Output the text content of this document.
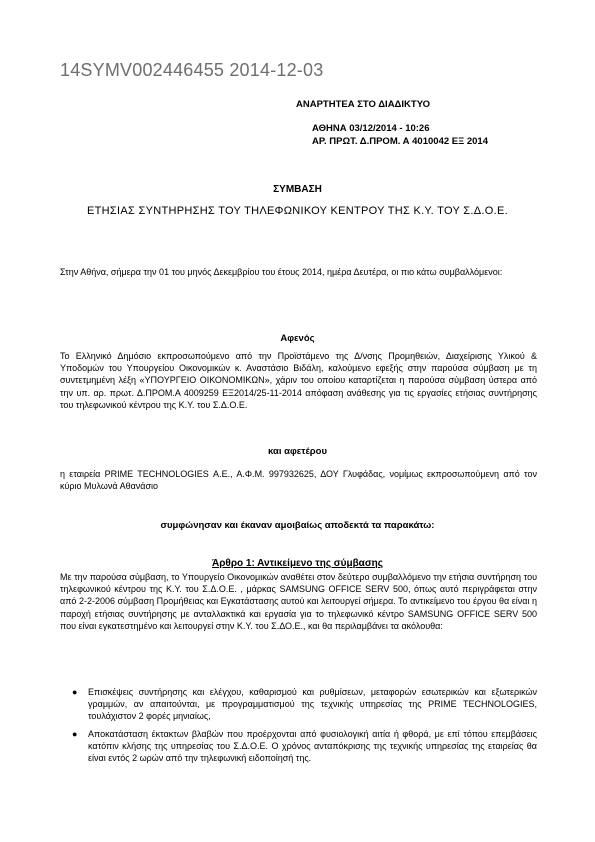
14SYMV002446455 2014-12-03
ΑΝΑΡΤΗΤΕΑ ΣΤΟ ΔΙΑΔΙΚΤΥΟ
ΑΘΗΝΑ 03/12/2014 - 10:26
ΑΡ. ΠΡΩΤ. Δ.ΠΡΟΜ. Α 4010042 ΕΞ 2014
ΣΥΜΒΑΣΗ
ΕΤΗΣΙΑΣ ΣΥΝΤΗΡΗΣΗΣ ΤΟΥ ΤΗΛΕΦΩΝΙΚΟΥ ΚΕΝΤΡΟΥ ΤΗΣ Κ.Υ. ΤΟΥ Σ.Δ.Ο.Ε.
Στην Αθήνα, σήμερα την 01 του μηνός Δεκεμβρίου του έτους 2014, ημέρα Δευτέρα, οι πιο κάτω συμβαλλόμενοι:
Αφενός
Το Ελληνικό Δημόσιο εκπροσωπούμενο από την Προϊστάμενο της Δ/νσης Προμηθειών, Διαχείρισης Υλικού & Υποδομών του Υπουργείου Οικονομικών κ. Αναστάσιο Βιδάλη, καλούμενο εφεξής στην παρούσα σύμβαση με τη συντετμημένη λέξη «ΥΠΟΥΡΓΕΙΟ ΟΙΚΟΝΟΜΙΚΩΝ», χάριν του οποίου καταρτίζεται η παρούσα σύμβαση ύστερα από την υπ. αρ. πρωτ. Δ.ΠΡΟΜ.Α 4009259 ΕΞ2014/25-11-2014 απόφαση ανάθεσης για τις εργασίες ετήσιας συντήρησης του τηλεφωνικού κέντρου της Κ.Υ. του Σ.Δ.Ο.Ε.
και αφετέρου
η εταιρεία PRIME TECHNOLOGIES Α.Ε., Α.Φ.Μ. 997932625, ΔΟΥ Γλυφάδας, νομίμως εκπροσωπούμενη από τον κύριο Μυλωνά Αθανάσιο
συμφώνησαν και έκαναν αμοιβαίως αποδεκτά τα παρακάτω:
Άρθρο 1: Αντικείμενο της σύμβασης
Με την παρούσα σύμβαση, το Υπουργείο Οικονομικών αναθέτει στον δεύτερο συμβαλλόμενο την ετήσια συντήρηση του τηλεφωνικού κέντρου της Κ.Υ. του Σ.Δ.Ο.Ε. , μάρκας SAMSUNG OFFICE SERV 500, όπως αυτό περιγράφεται στην από 2-2-2006 σύμβαση Προμήθειας και Εγκατάστασης αυτού και λειτουργεί σήμερα. Το αντικείμενο του έργου θα είναι η παροχή ετήσιας συντήρησης με ανταλλακτικά και εργασία για το τηλεφωνικό κέντρο SAMSUNG OFFICE SERV 500 που είναι εγκατεστημένο και λειτουργεί στην Κ.Υ. του Σ.ΔΟ.Ε., και θα περιλαμβάνει τα ακόλουθα:
● Επισκέψεις συντήρησης και ελέγχου, καθαρισμού και ρυθμίσεων, μεταφορών εσωτερικών και εξωτερικών γραμμών, αν απαιτούνται, με προγραμματισμού της τεχνικής υπηρεσίας της PRIME TECHNOLOGIES, τουλάχιστον 2 φορές μηνιαίως,
● Αποκατάσταση έκτακτων βλαβών που προέρχονται από φυσιολογική αιτία ή φθορά, με επί τόπου επεμβάσεις κατόπιν κλήσης της υπηρεσίας του Σ.Δ.Ο.Ε. Ο χρόνος ανταπόκρισης της τεχνικής υπηρεσίας της εταιρείας θα είναι εντός 2 ωρών από την τηλεφωνική ειδοποίησή της.
